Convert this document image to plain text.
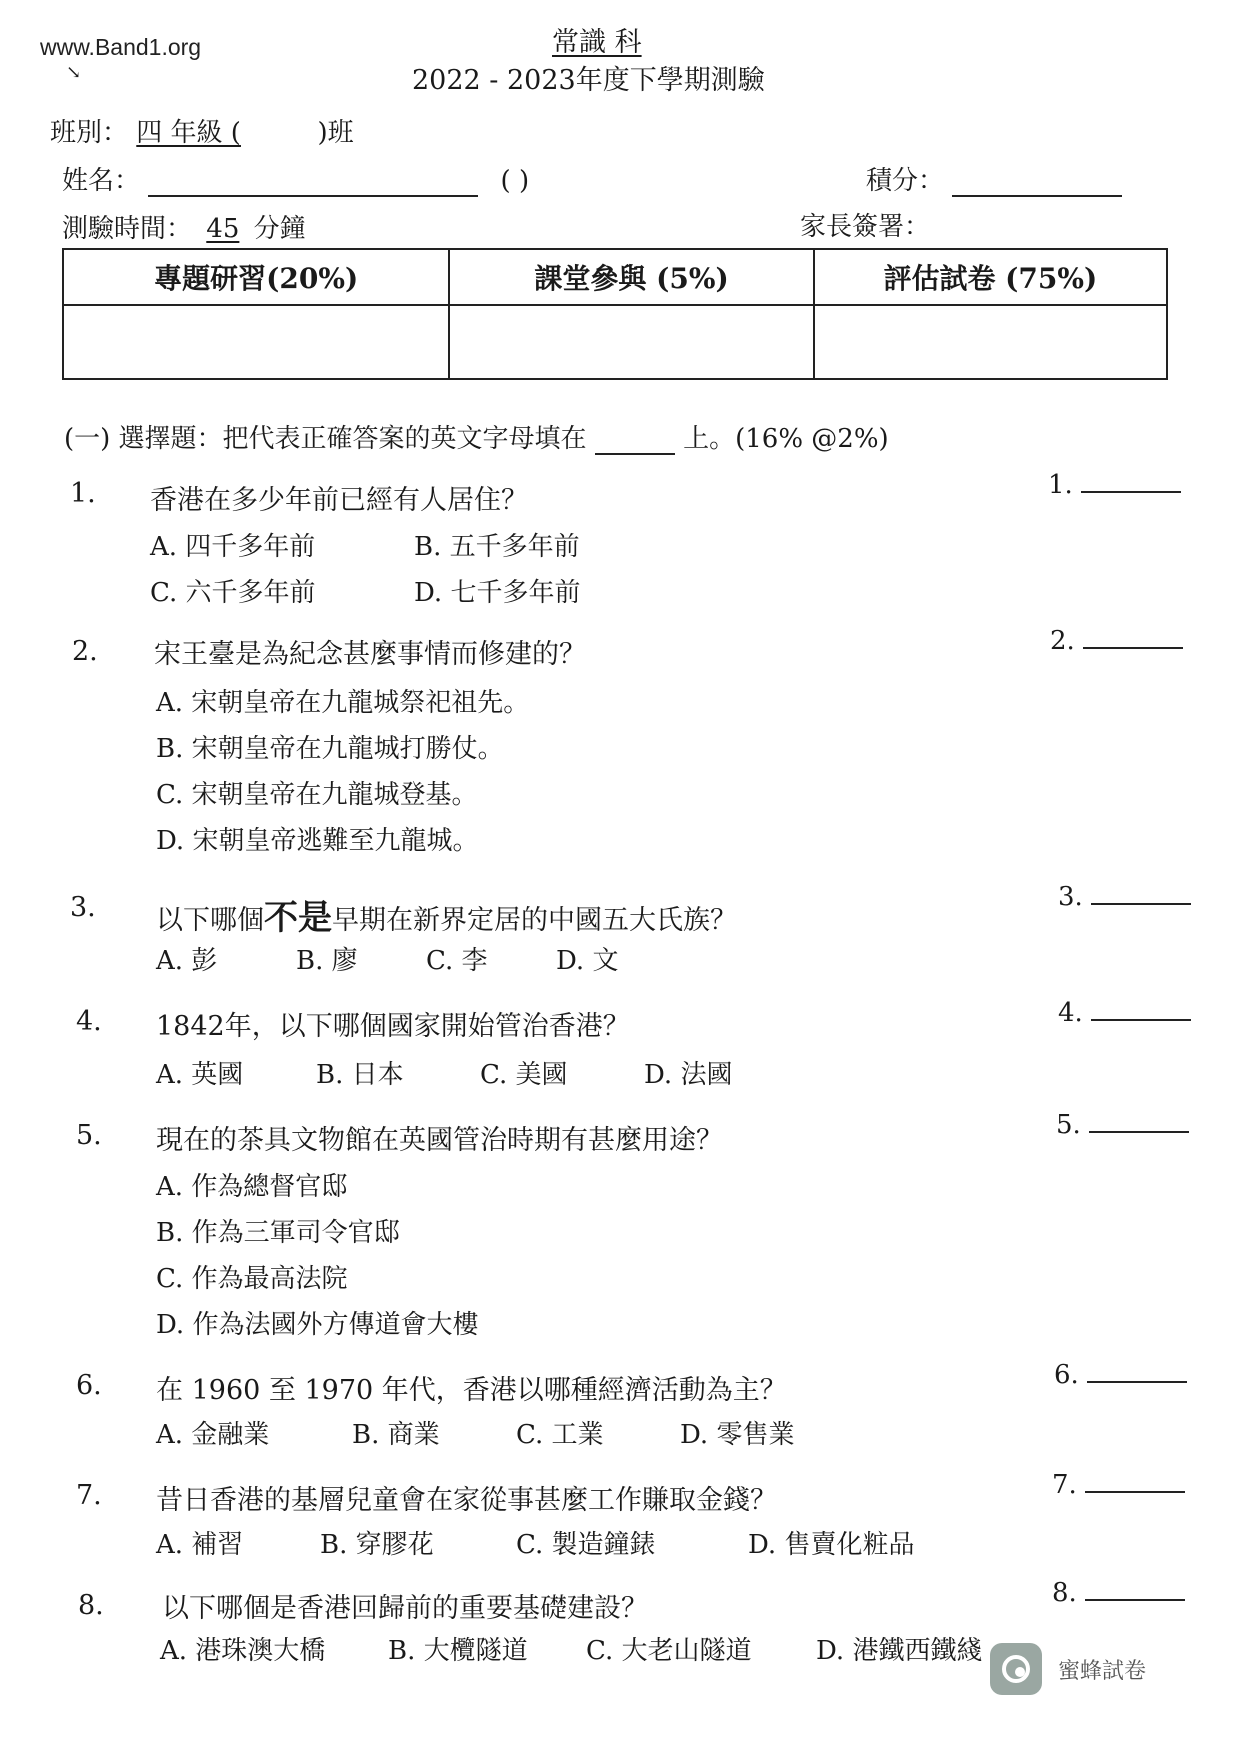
www.Band1.org
↘
常識 科
2022 - 2023年度下學期測驗
班別： 四 年級 (	)班
姓名：	( )	積分：
測驗時間： 45 分鐘	家長簽署：
專題研習(20%)	課堂參與 (5%)	評估試卷 (75%)

(一) 選擇題：把代表正確答案的英文字母填在	上。(16% @2%)
1. 香港在多少年前已經有人居住？	1.
A. 四千多年前	B. 五千多年前
C. 六千多年前	D. 七千多年前
2. 宋王臺是為紀念甚麼事情而修建的？	2.
A. 宋朝皇帝在九龍城祭祀祖先。
B. 宋朝皇帝在九龍城打勝仗。
C. 宋朝皇帝在九龍城登基。
D. 宋朝皇帝逃難至九龍城。
3. 以下哪個不是早期在新界定居的中國五大氏族？
3.
A. 彭	B. 廖	C. 李	D. 文
4. 1842年，以下哪個國家開始管治香港？	4.
A. 英國	B. 日本	C. 美國	D. 法國
5. 現在的茶具文物館在英國管治時期有甚麼用途？	5.
A. 作為總督官邸
B. 作為三軍司令官邸
C. 作為最高法院
D. 作為法國外方傳道會大樓
6. 在 1960 至 1970 年代，香港以哪種經濟活動為主？	6.
A. 金融業	B. 商業	C. 工業	D. 零售業
7. 昔日香港的基層兒童會在家從事甚麼工作賺取金錢？	7.
A. 補習	B. 穿膠花	C. 製造鐘錶	D. 售賣化粧品
8. 以下哪個是香港回歸前的重要基礎建設？	8.
A. 港珠澳大橋 B. 大欖隧道 C. 大老山隧道 D. 港鐵西鐵綫
蜜蜂試卷
